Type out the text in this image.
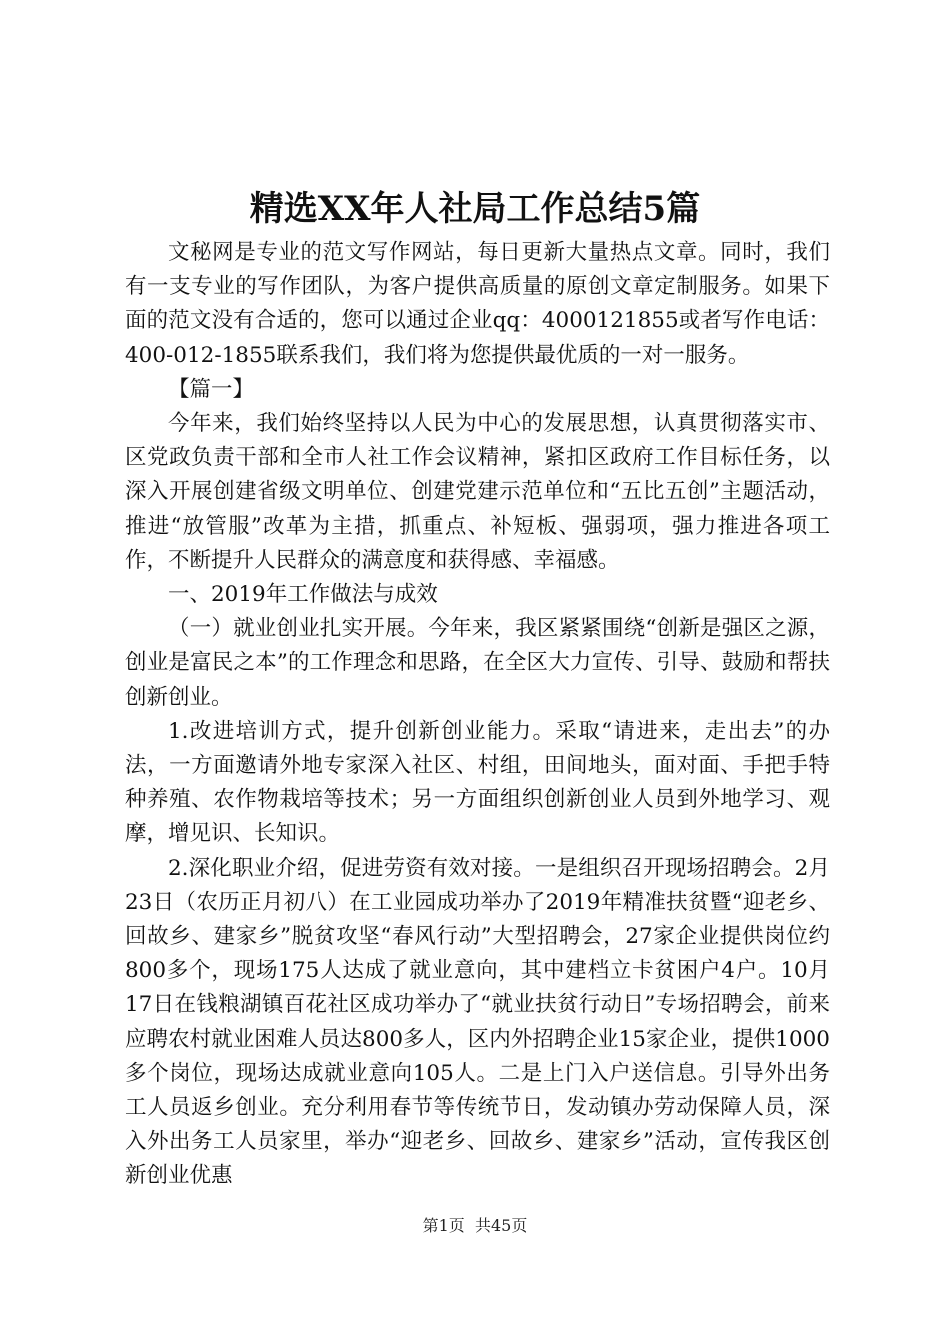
精选XX年人社局工作总结5篇

文秘网是专业的范文写作网站，每日更新大量热点文章。同时，我们有一支专业的写作团队，为客户提供高质量的原创文章定制服务。如果下面的范文没有合适的，您可以通过企业qq：4000121855或者写作电话：400-012-1855联系我们，我们将为您提供最优质的一对一服务。

【篇一】

今年来，我们始终坚持以人民为中心的发展思想，认真贯彻落实市、区党政负责干部和全市人社工作会议精神，紧扣区政府工作目标任务，以深入开展创建省级文明单位、创建党建示范单位和“五比五创”主题活动，推进“放管服”改革为主措，抓重点、补短板、强弱项，强力推进各项工作，不断提升人民群众的满意度和获得感、幸福感。

一、2019年工作做法与成效

（一）就业创业扎实开展。今年来，我区紧紧围绕“创新是强区之源，创业是富民之本”的工作理念和思路，在全区大力宣传、引导、鼓励和帮扶创新创业。

1.改进培训方式，提升创新创业能力。采取“请进来，走出去”的办法，一方面邀请外地专家深入社区、村组，田间地头，面对面、手把手特种养殖、农作物栽培等技术；另一方面组织创新创业人员到外地学习、观摩，增见识、长知识。

2.深化职业介绍，促进劳资有效对接。一是组织召开现场招聘会。2月23日（农历正月初八）在工业园成功举办了2019年精准扶贫暨“迎老乡、回故乡、建家乡”脱贫攻坚“春风行动”大型招聘会，27家企业提供岗位约800多个，现场175人达成了就业意向，其中建档立卡贫困户4户。10月17日在钱粮湖镇百花社区成功举办了“就业扶贫行动日”专场招聘会，前来应聘农村就业困难人员达800多人，区内外招聘企业15家企业，提供1000多个岗位，现场达成就业意向105人。二是上门入户送信息。引导外出务工人员返乡创业。充分利用春节等传统节日，发动镇办劳动保障人员，深入外出务工人员家里，举办“迎老乡、回故乡、建家乡”活动，宣传我区创新创业优惠

第1页 共45页
